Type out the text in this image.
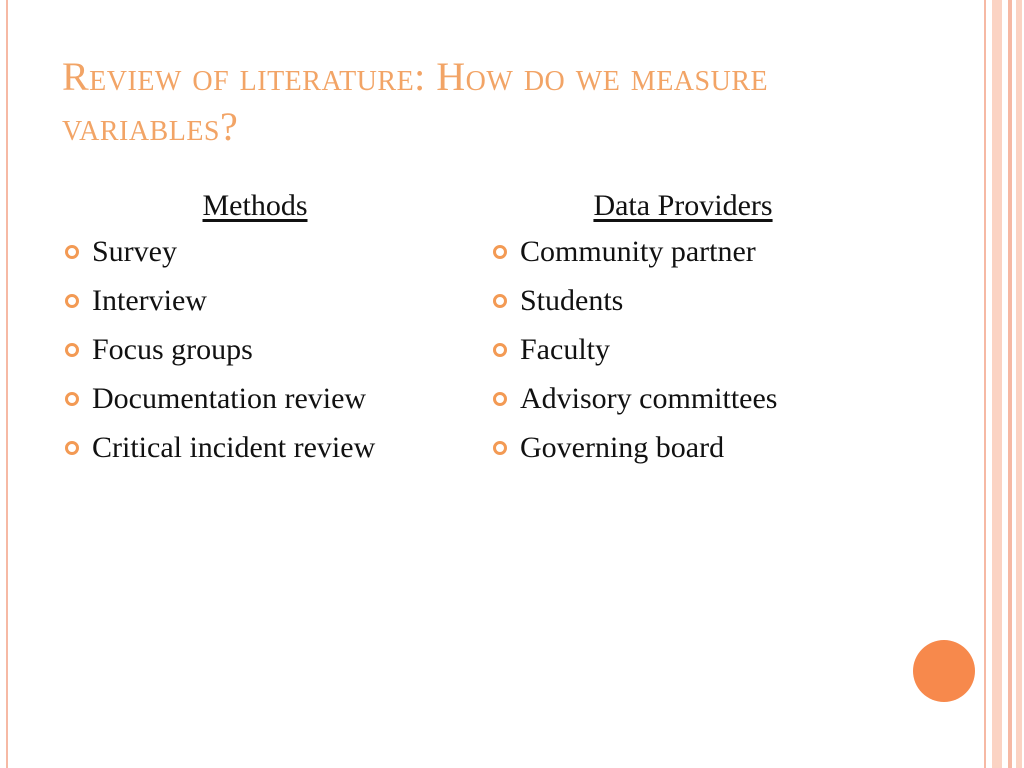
Review of literature: How do we measure variables?
Methods
Survey
Interview
Focus groups
Documentation review
Critical incident review
Data Providers
Community partner
Students
Faculty
Advisory committees
Governing board
